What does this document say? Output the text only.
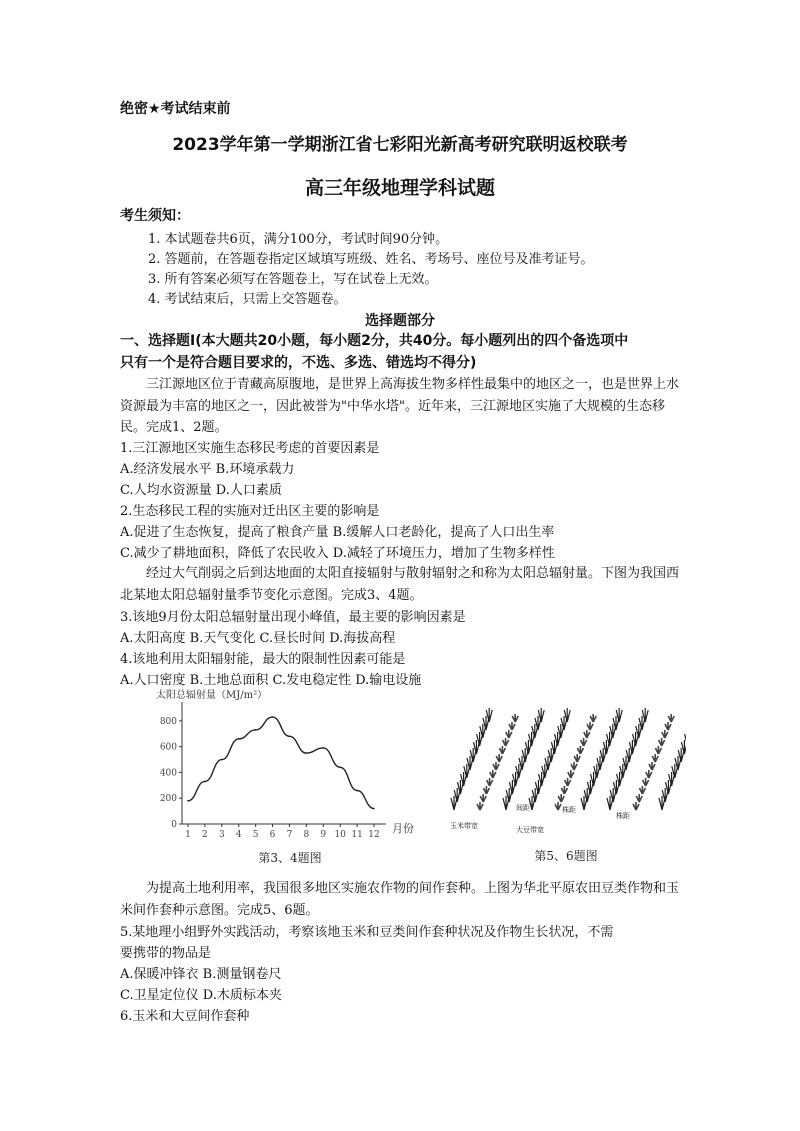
绝密★考试结束前
2023学年第一学期浙江省七彩阳光新高考研究联明返校联考
高三年级地理学科试题
考生须知：
1. 本试题卷共6页，满分100分，考试时间90分钟。
2. 答题前，在答题卷指定区域填写班级、姓名、考场号、座位号及准考证号。
3. 所有答案必须写在答题卷上，写在试卷上无效。
4. 考试结束后，只需上交答题卷。
选择题部分
一、选择题Ⅰ(本大题共20小题，每小题2分，共40分。每小题列出的四个备选项中
只有一个是符合题目要求的，不选、多选、错选均不得分)
三江源地区位于青藏高原腹地，是世界上高海拔生物多样性最集中的地区之一，也是世界上水资源最为丰富的地区之一，因此被誉为"中华水塔"。近年来，三江源地区实施了大规模的生态移民。完成1、2题。
1.三江源地区实施生态移民考虑的首要因素是
A.经济发展水平 B.环境承载力
C.人均水资源量 D.人口素质
2.生态移民工程的实施对迁出区主要的影响是
A.促进了生态恢复，提高了粮食产量 B.缓解人口老龄化，提高了人口出生率
C.减少了耕地面积，降低了农民收入 D.减轻了环境压力，增加了生物多样性
经过大气削弱之后到达地面的太阳直接辐射与散射辐射之和称为太阳总辐射量。下图为我国西北某地太阳总辐射量季节变化示意图。完成3、4题。
3.该地9月份太阳总辐射量出现小峰值，最主要的影响因素是
A.太阳高度 B.天气变化 C.昼长时间 D.海拔高程
4.该地利用太阳辐射能，最大的限制性因素可能是
A.人口密度 B.土地总面积 C.发电稳定性 D.输电设施
太阳总辐射量（MJ/m²）
月份
第3、4题图
0
200
400
600
800
1 2 3 4 5 6 7 8 9 10 11 12
玉米带宽
大豆带宽
间距	株距
株距
第5、6题图
为提高土地利用率，我国很多地区实施农作物的间作套种。上图为华北平原农田豆类作物和玉米间作套种示意图。完成5、6题。
5.某地理小组野外实践活动，考察该地玉米和豆类间作套种状况及作物生长状况，不需
要携带的物品是
A.保暖冲锋衣 B.测量钢卷尺
C.卫星定位仪 D.木质标本夹
6.玉米和大豆间作套种
